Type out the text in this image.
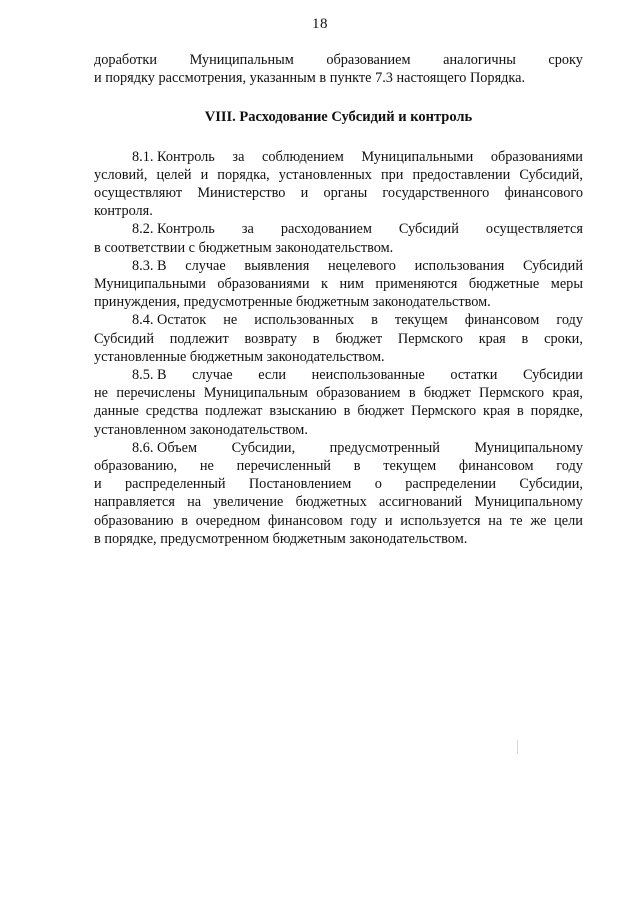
18
доработки Муниципальным образованием аналогичны сроку
и порядку рассмотрения, указанным в пункте 7.3 настоящего Порядка.
VIII. Расходование Субсидий и контроль
8.1. Контроль за соблюдением Муниципальными образованиями
условий, целей и порядка, установленных при предоставлении Субсидий,
осуществляют Министерство и органы государственного финансового
контроля.
8.2. Контроль за расходованием Субсидий осуществляется
в соответствии с бюджетным законодательством.
8.3. В случае выявления нецелевого использования Субсидий
Муниципальными образованиями к ним применяются бюджетные меры
принуждения, предусмотренные бюджетным законодательством.
8.4. Остаток не использованных в текущем финансовом году
Субсидий подлежит возврату в бюджет Пермского края в сроки,
установленные бюджетным законодательством.
8.5. В случае если неиспользованные остатки Субсидии
не перечислены Муниципальным образованием в бюджет Пермского края,
данные средства подлежат взысканию в бюджет Пермского края в порядке,
установленном законодательством.
8.6. Объем Субсидии, предусмотренный Муниципальному
образованию, не перечисленный в текущем финансовом году
и распределенный Постановлением о распределении Субсидии,
направляется на увеличение бюджетных ассигнований Муниципальному
образованию в очередном финансовом году и используется на те же цели
в порядке, предусмотренном бюджетным законодательством.
